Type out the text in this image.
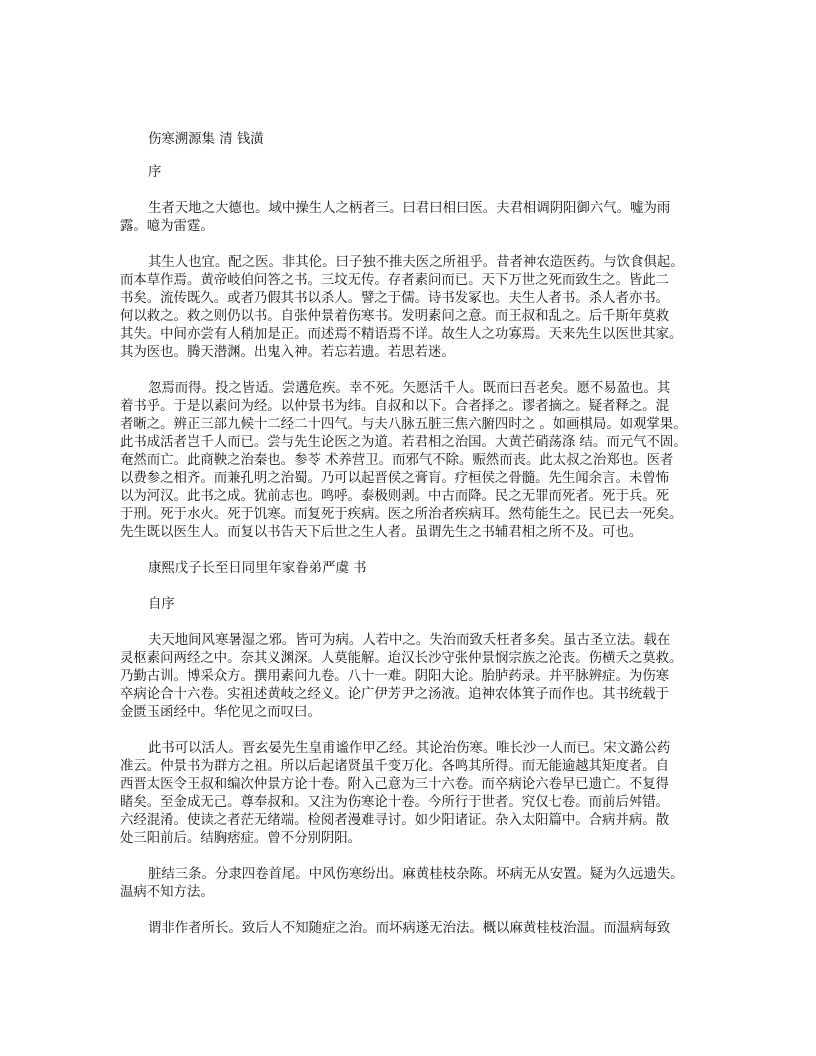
伤寒溯源集 清 钱潢
序
生者天地之大德也。域中操生人之柄者三。曰君曰相曰医。夫君相调阴阳御六气。嘘为雨
露。噫为雷霆。
其生人也宜。配之医。非其伦。曰子独不推夫医之所祖乎。昔者神农造医药。与饮食俱起。
而本草作焉。黄帝岐伯问答之书。三坟无传。存者素问而已。天下万世之死而致生之。皆此二
书矣。流传既久。或者乃假其书以杀人。譬之于儒。诗书发冢也。夫生人者书。杀人者亦书。
何以救之。救之则仍以书。自张仲景着伤寒书。发明素问之意。而王叔和乱之。后千斯年莫救
其失。中间亦尝有人稍加是正。而述焉不精语焉不详。故生人之功寡焉。天来先生以医世其家。
其为医也。腾天潜渊。出鬼入神。若忘若遗。若思若迷。
忽焉而得。投之皆适。尝遘危疾。幸不死。矢愿活千人。既而曰吾老矣。愿不易盈也。其
着书乎。于是以素问为经。以仲景书为纬。自叔和以下。合者择之。谬者摘之。疑者释之。混
者晰之。辨正三部九候十二经二十四气。与夫八脉五脏三焦六腑四时之 。如画棋局。如观掌果。
此书成活者岂千人而已。尝与先生论医之为道。若君相之治国。大黄芒硝荡涤 结。而元气不固。
奄然而亡。此商鞅之治秦也。参苓 术养营卫。而邪气不除。赈然而丧。此太叔之治郑也。医者
以费参之相齐。而兼孔明之治蜀。乃可以起晋侯之膏肓。疗桓侯之骨髓。先生闻余言。未曾怖
以为河汉。此书之成。犹前志也。鸣呼。泰极则剥。中古而降。民之无罪而死者。死于兵。死
于刑。死于水火。死于饥寒。而复死于疾病。医之所治者疾病耳。然苟能生之。民已去一死矣。
先生既以医生人。而复以书告天下后世之生人者。虽谓先生之书辅君相之所不及。可也。
康熙戊子长至日同里年家眷弟严虞 书
自序
夫天地间风寒暑湿之邪。皆可为病。人若中之。失治而致夭枉者多矣。虽古圣立法。载在
灵枢素问两经之中。奈其义渊深。人莫能解。迨汉长沙守张仲景悯宗族之沦丧。伤横夭之莫救。
乃勤古训。博采众方。撰用素问九卷。八十一难。阴阳大论。胎胪药录。并平脉辨症。为伤寒
卒病论合十六卷。实祖述黄岐之经义。论广伊芳尹之汤液。追神农体箕子而作也。其书统载于
金匮玉函经中。华佗见之而叹曰。
此书可以活人。晋玄晏先生皇甫谧作甲乙经。其论治伤寒。唯长沙一人而已。宋文潞公药
准云。仲景书为群方之祖。所以后起诸贤虽千变万化。各鸣其所得。而无能逾越其矩度者。自
西晋太医令王叔和编次仲景方论十卷。附入己意为三十六卷。而卒病论六卷早已遗亡。不复得
睹矣。至金成无己。尊奉叔和。又注为伤寒论十卷。今所行于世者。究仅七卷。而前后舛错。
六经混淆。使读之者茫无绪端。检阅者漫难寻讨。如少阳诸证。杂入太阳篇中。合病并病。散
处三阳前后。结胸痞症。曾不分别阴阳。
脏结三条。分隶四卷首尾。中风伤寒纷出。麻黄桂枝杂陈。坏病无从安置。疑为久远遗失。
温病不知方法。
谓非作者所长。致后人不知随症之治。而坏病遂无治法。概以麻黄桂枝治温。而温病每致
